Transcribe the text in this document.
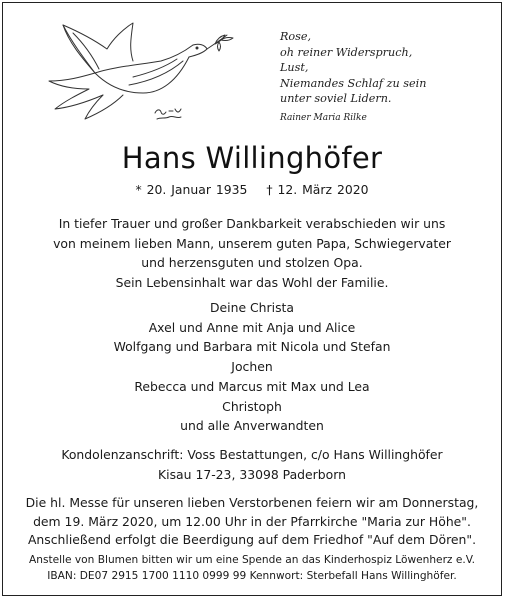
Rose,
oh reiner Widerspruch,
Lust,
Niemandes Schlaf zu sein
unter soviel Lidern.
Rainer Maria Rilke
Hans Willinghöfer
* 20. Januar 1935 † 12. März 2020
In tiefer Trauer und großer Dankbarkeit verabschieden wir uns
von meinem lieben Mann, unserem guten Papa, Schwiegervater
und herzensguten und stolzen Opa.
Sein Lebensinhalt war das Wohl der Familie.
Deine Christa
Axel und Anne mit Anja und Alice
Wolfgang und Barbara mit Nicola und Stefan
Jochen
Rebecca und Marcus mit Max und Lea
Christoph
und alle Anverwandten
Kondolenzanschrift: Voss Bestattungen, c/o Hans Willinghöfer
Kisau 17-23, 33098 Paderborn
Die hl. Messe für unseren lieben Verstorbenen feiern wir am Donnerstag,
dem 19. März 2020, um 12.00 Uhr in der Pfarrkirche "Maria zur Höhe".
Anschließend erfolgt die Beerdigung auf dem Friedhof "Auf dem Dören".
Anstelle von Blumen bitten wir um eine Spende an das Kinderhospiz Löwenherz e.V.
IBAN: DE07 2915 1700 1110 0999 99 Kennwort: Sterbefall Hans Willinghöfer.
